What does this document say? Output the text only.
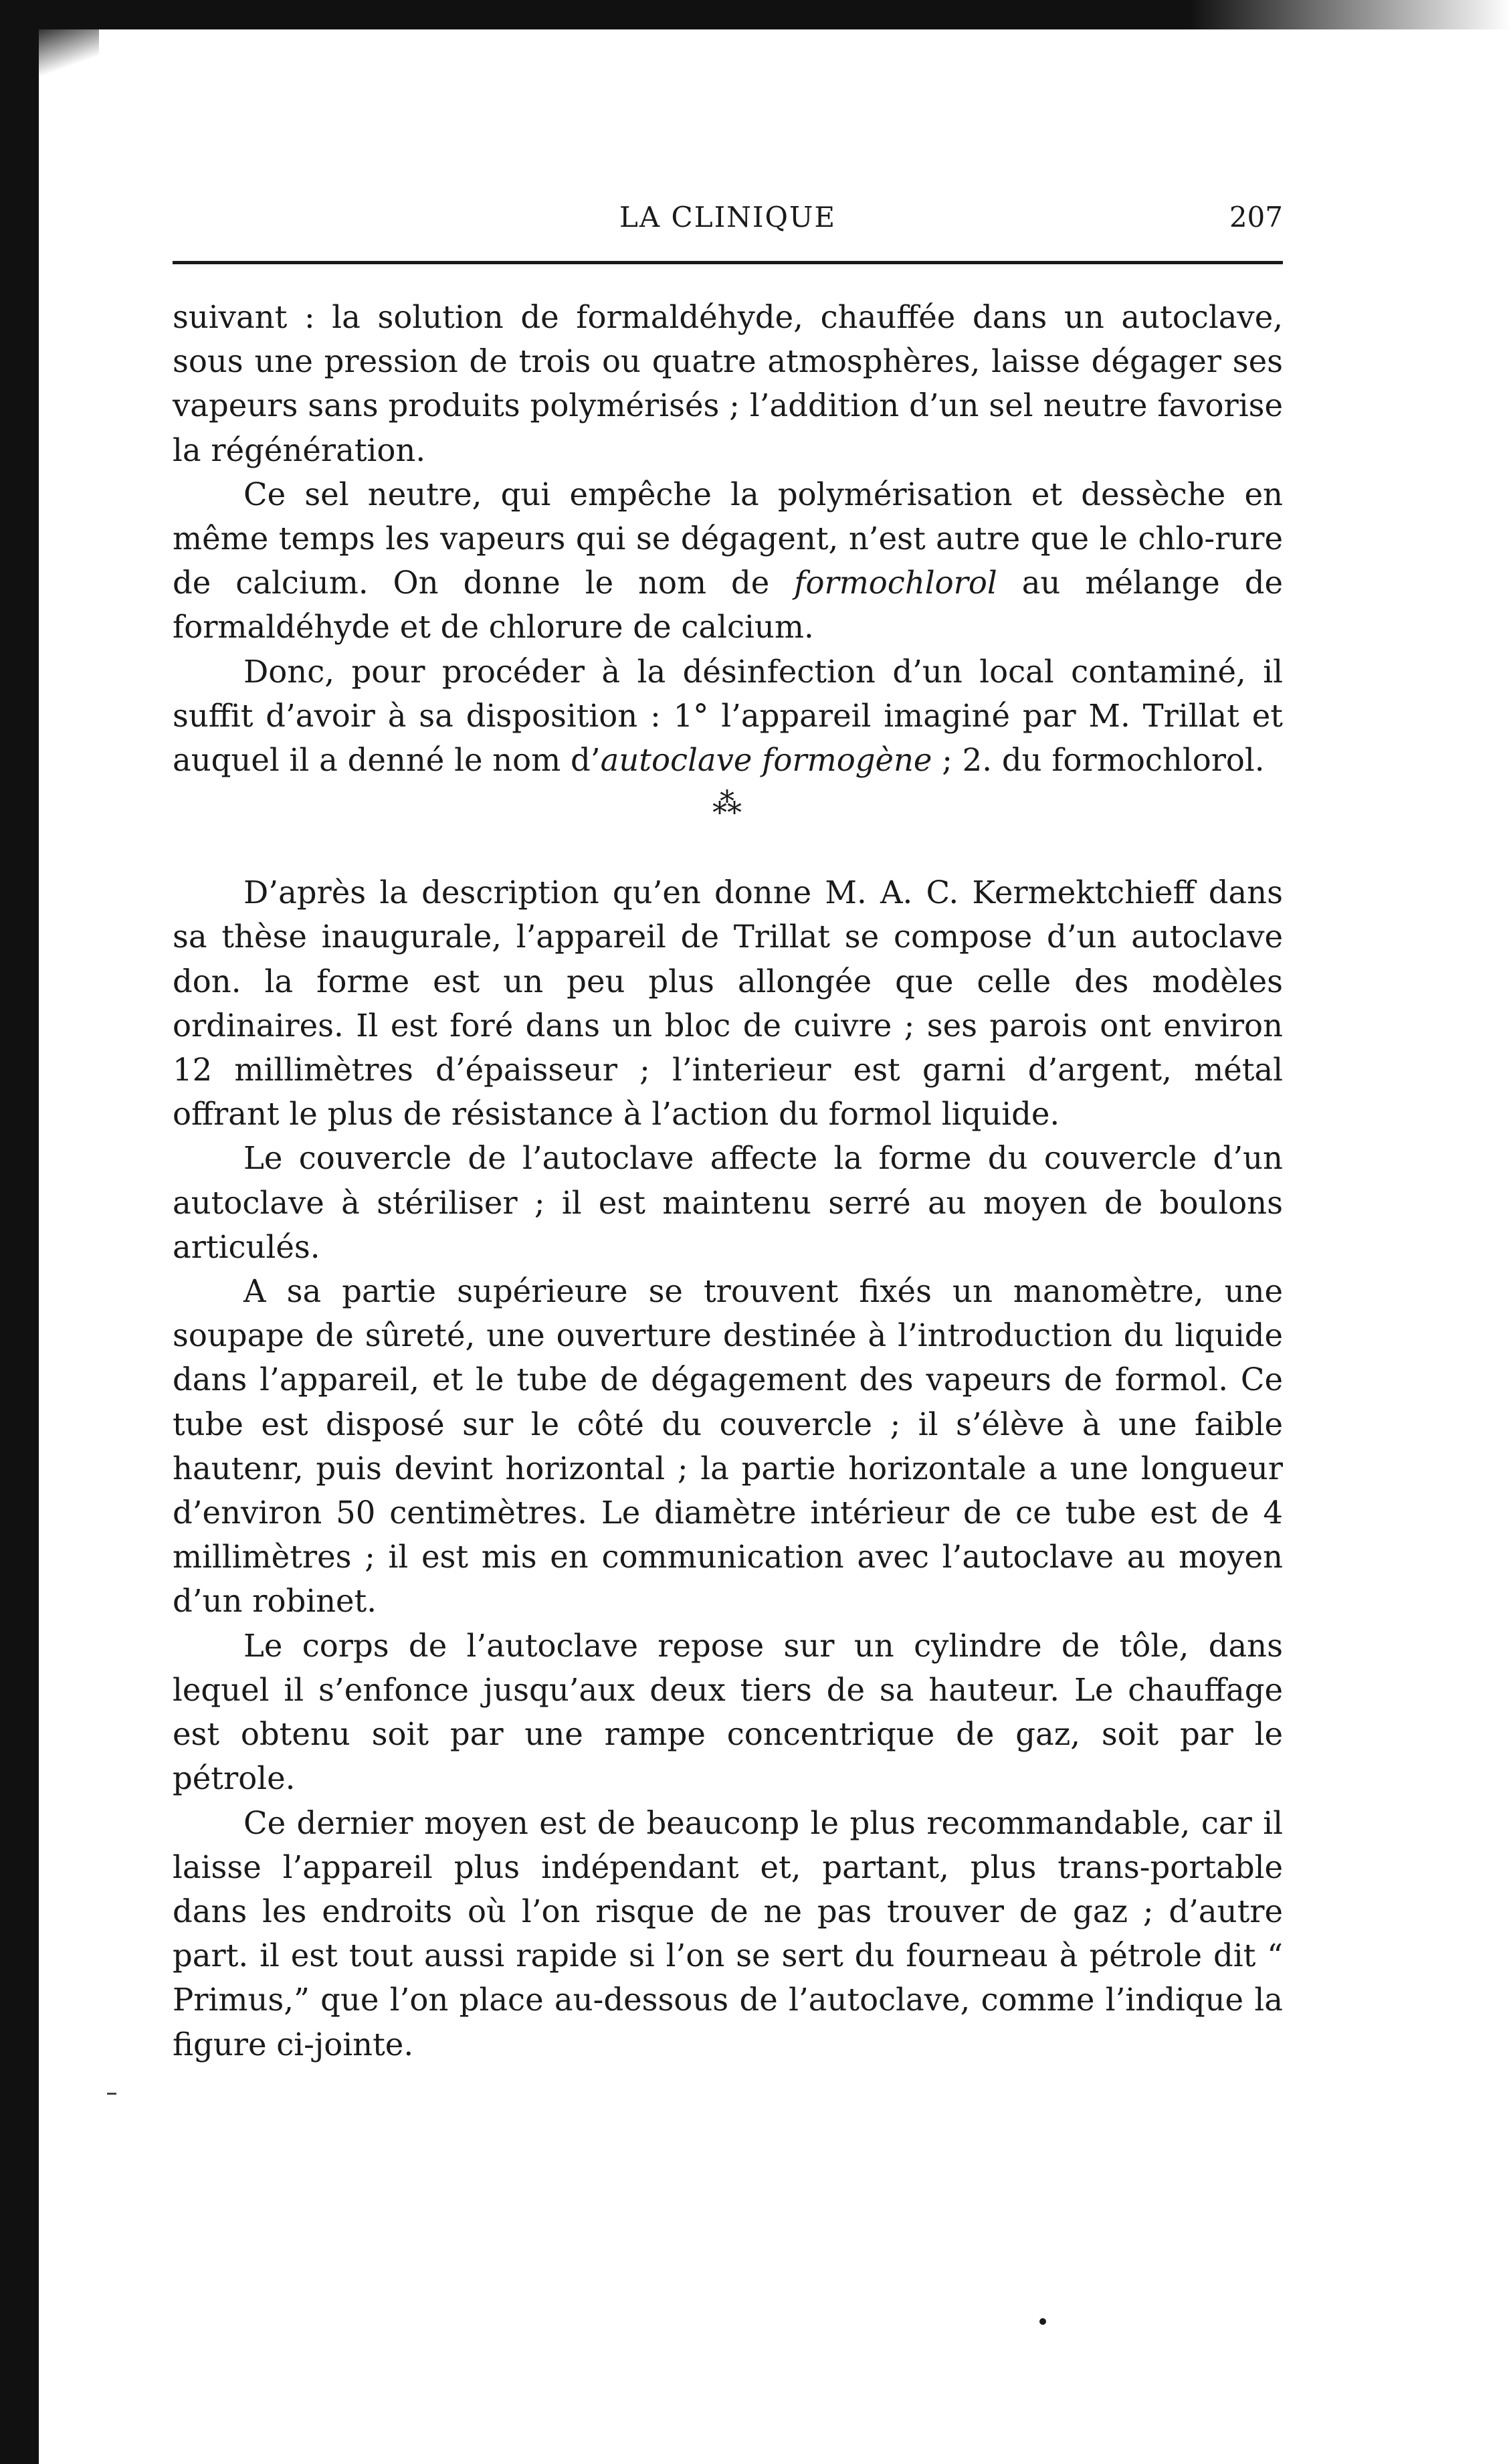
LA CLINIQUE	207

suivant : la solution de formaldéhyde, chauffée dans un autoclave, sous une pression de trois ou quatre atmosphères, laisse dégager ses vapeurs sans produits polymérisés ; l’addition d’un sel neutre favorise la régénération.

Ce sel neutre, qui empêche la polymérisation et dessèche en même temps les vapeurs qui se dégagent, n’est autre que le chlo-rure de calcium. On donne le nom de formochlorol au mélange de formaldéhyde et de chlorure de calcium.

Donc, pour procéder à la désinfection d’un local contaminé, il suffit d’avoir à sa disposition : 1° l’appareil imaginé par M. Trillat et auquel il a denné le nom d’autoclave formogène ; 2. du formochlorol.

⁂

D’après la description qu’en donne M. A. C. Kermektchieff dans sa thèse inaugurale, l’appareil de Trillat se compose d’un autoclave don. la forme est un peu plus allongée que celle des modèles ordinaires. Il est foré dans un bloc de cuivre ; ses parois ont environ 12 millimètres d’épaisseur ; l’interieur est garni d’argent, métal offrant le plus de résistance à l’action du formol liquide.

Le couvercle de l’autoclave affecte la forme du couvercle d’un autoclave à stériliser ; il est maintenu serré au moyen de boulons articulés.

A sa partie supérieure se trouvent fixés un manomètre, une soupape de sûreté, une ouverture destinée à l’introduction du liquide dans l’appareil, et le tube de dégagement des vapeurs de formol. Ce tube est disposé sur le côté du couvercle ; il s’élève à une faible hautenr, puis devint horizontal ; la partie horizontale a une longueur d’environ 50 centimètres. Le diamètre intérieur de ce tube est de 4 millimètres ; il est mis en communication avec l’autoclave au moyen d’un robinet.

Le corps de l’autoclave repose sur un cylindre de tôle, dans lequel il s’enfonce jusqu’aux deux tiers de sa hauteur. Le chauffage est obtenu soit par une rampe concentrique de gaz, soit par le pétrole.

Ce dernier moyen est de beauconp le plus recommandable, car il laisse l’appareil plus indépendant et, partant, plus trans-portable dans les endroits où l’on risque de ne pas trouver de gaz ; d’autre part. il est tout aussi rapide si l’on se sert du fourneau à pétrole dit “ Primus,” que l’on place au-dessous de l’autoclave, comme l’indique la figure ci-jointe.
